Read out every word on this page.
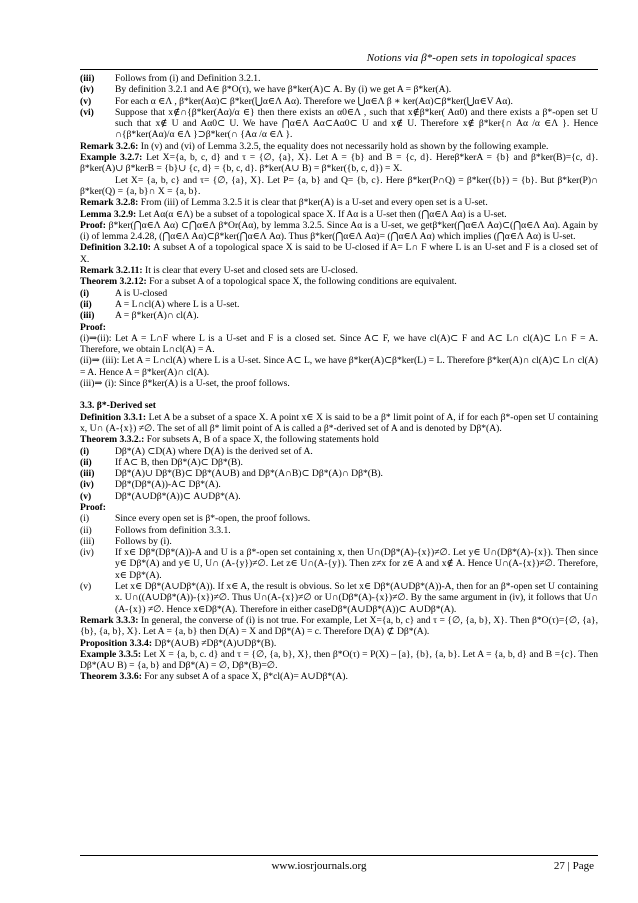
Notions via β*-open sets in topological spaces
(iii)	Follows from (i) and Definition 3.2.1.
(iv)	By definition 3.2.1 and A∈ β*O(τ), we have β*ker(A)⊂ A. By (i) we get A = β*ker(A).
(v)	For each α ∈Λ , β*ker(Aα)⊂ β*ker(⋃α∈Λ Aα). Therefore we ⋃α∈Λ β ∗ ker(Aα)⊂β*ker(⋃α∈V Aα).
(vi)	Suppose that x∉∩{β*ker(Aα)/α ∈} then there exists an α0∈Λ , such that x∉β*ker( Aα0) and there exists a β*-open set U such that x∉ U and Aα0⊂ U. We have ⋂α∈Λ Aα⊂Aα0⊂ U and x∉ U. Therefore x∉ β*ker{∩ Aα /α ∈Λ }. Hence ∩{β*ker(Aα)/α ∈Λ }⊃β*ker(∩ {Aα /α ∈Λ }.

Remark 3.2.6: In (v) and (vi) of Lemma 3.2.5, the equality does not necessarily hold as shown by the following example.

Example 3.2.7: Let X={a, b, c, d} and τ = {∅, {a}, X}. Let A = {b} and B = {c, d}. Hereβ*kerA = {b} and β*ker(B)={c, d}. β*ker(A)∪ β*kerB = {b}∪ {c, d} = {b, c, d}. β*ker(A∪ B) = β*ker({b, c, d}) = X.

Let X= {a, b, c} and τ= {∅, {a}, X}. Let P= {a, b} and Q= {b, c}. Here β*ker(P∩Q) = β*ker({b}) = {b}. But β*ker(P)∩ β*ker(Q) = {a, b}∩ X = {a, b}.

Remark 3.2.8: From (iii) of Lemma 3.2.5 it is clear that β*ker(A) is a U-set and every open set is a U-set.

Lemma 3.2.9: Let Aα(α ∈Λ) be a subset of a topological space X. If Aα is a U-set then (⋂α∈Λ Aα) is a U-set.

Proof: β*ker(⋂α∈Λ Aα) ⊂⋂α∈Λ β*Or(Aα), by lemma 3.2.5. Since Aα is a U-set, we getβ*ker(⋂α∈Λ Aα)⊂(⋂α∈Λ Aα). Again by (i) of lemma 2.4.28, (⋂α∈Λ Aα)⊂β*ker(⋂α∈Λ Aα). Thus β*ker(⋂α∈Λ Aα)= (⋂α∈Λ Aα) which implies (⋂α∈Λ Aα) is U-set.

Definition 3.2.10: A subset A of a topological space X is said to be U-closed if A= L∩ F where L is an U-set and F is a closed set of X.

Remark 3.2.11: It is clear that every U-set and closed sets are U-closed.

Theorem 3.2.12: For a subset A of a topological space X, the following conditions are equivalent.

(i)	A is U-closed
(ii)	A = L∩cl(A) where L is a U-set.
(iii)	A = β*ker(A)∩ cl(A).

Proof:

(i)⇒(ii): Let A = L∩F where L is a U-set and F is a closed set. Since A⊂ F, we have cl(A)⊂ F and A⊂ L∩ cl(A)⊂ L∩ F = A. Therefore, we obtain L∩cl(A) = A.

(ii)⇒ (iii): Let A = L∩cl(A) where L is a U-set. Since A⊂ L, we have β*ker(A)⊂β*ker(L) = L. Therefore β*ker(A)∩ cl(A)⊂ L∩ cl(A) = A. Hence A = β*ker(A)∩ cl(A).

(iii)⇒ (i): Since β*ker(A) is a U-set, the proof follows.

3.3. β*-Derived set

Definition 3.3.1: Let A be a subset of a space X. A point x∈ X is said to be a β* limit point of A, if for each β*-open set U containing x, U∩ (A-{x}) ≠∅. The set of all β* limit point of A is called a β*-derived set of A and is denoted by Dβ*(A).

Theorem 3.3.2.: For subsets A, B of a space X, the following statements hold

(i)	Dβ*(A) ⊂D(A) where D(A) is the derived set of A.
(ii)	If A⊂ B, then Dβ*(A)⊂ Dβ*(B).
(iii)	Dβ*(A)∪ Dβ*(B)⊂ Dβ*(A∪B) and Dβ*(A∩B)⊂ Dβ*(A)∩ Dβ*(B).
(iv)	Dβ*(Dβ*(A))-A⊂ Dβ*(A).
(v)	Dβ*(A∪Dβ*(A))⊂ A∪Dβ*(A).

Proof:

(i)	Since every open set is β*-open, the proof follows.
(ii)	Follows from definition 3.3.1.
(iii)	Follows by (i).
(iv)	If x∈ Dβ*(Dβ*(A))-A and U is a β*-open set containing x, then U∩(Dβ*(A)-{x})≠∅. Let y∈ U∩(Dβ*(A)-{x}). Then since y∈ Dβ*(A) and y∈ U, U∩ (A-{y})≠∅. Let z∈ U∩(A-{y}). Then z≠x for z∈ A and x∉ A. Hence U∩(A-{x})≠∅. Therefore, x∈ Dβ*(A).
(v)	Let x∈ Dβ*(A∪Dβ*(A)). If x∈ A, the result is obvious. So let x∈ Dβ*(A∪Dβ*(A))-A, then for an β*-open set U containing x. U∩((A∪Dβ*(A))-{x})≠∅. Thus U∩(A-{x})≠∅ or U∩(Dβ*(A)-{x})≠∅. By the same argument in (iv), it follows that U∩ (A-{x}) ≠∅. Hence x∈Dβ*(A). Therefore in either caseDβ*(A∪Dβ*(A))⊂ A∪Dβ*(A).

Remark 3.3.3: In general, the converse of (i) is not true. For example, Let X={a, b, c} and τ = {∅, {a, b}, X}. Then β*O(τ)={∅, {a}, {b}, {a, b}, X}. Let A = {a, b} then D(A) = X and Dβ*(A) = c. Therefore D(A) ⊄ Dβ*(A).

Proposition 3.3.4: Dβ*(A∪B) ≠Dβ*(A)∪Dβ*(B).

Example 3.3.5: Let X = {a, b, c. d} and τ = {∅, {a, b}, X}, then β*O(τ) = P(X) – [a}, {b}, {a, b}. Let A = {a, b, d} and B ={c}. Then Dβ*(A∪ B) = {a, b} and Dβ*(A) = ∅, Dβ*(B)=∅.

Theorem 3.3.6: For any subset A of a space X, β*cl(A)= A∪Dβ*(A).

www.iosrjournals.org	27 | Page
